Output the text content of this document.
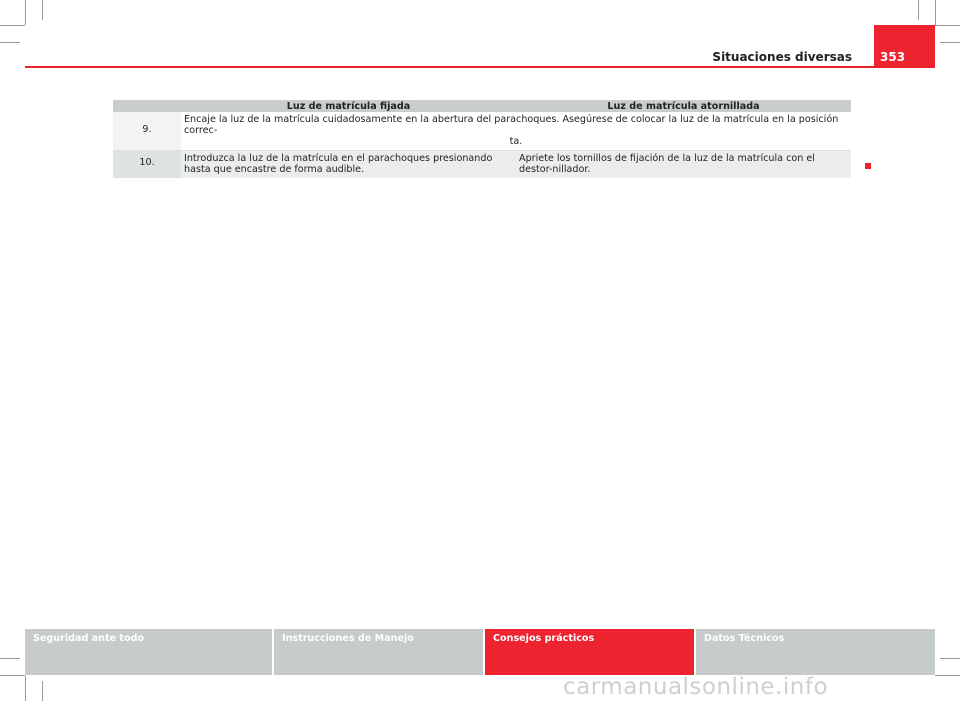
Situaciones diversas 353
	Luz de matrícula fijada	Luz de matrícula atornillada
9.	Encaje la luz de la matrícula cuidadosamente en la abertura del parachoques. Asegúrese de colocar la luz de la matrícula en la posición correc-
ta.	

10.	Introduzca la luz de la matrícula en el parachoques presionando hasta que encastre de forma audible.	Apriete los tornillos de fijación de la luz de la matrícula con el destor-nillador.
Seguridad ante todo	Instrucciones de Manejo	Consejos prácticos	Datos Técnicos
carmanualsonline.info
